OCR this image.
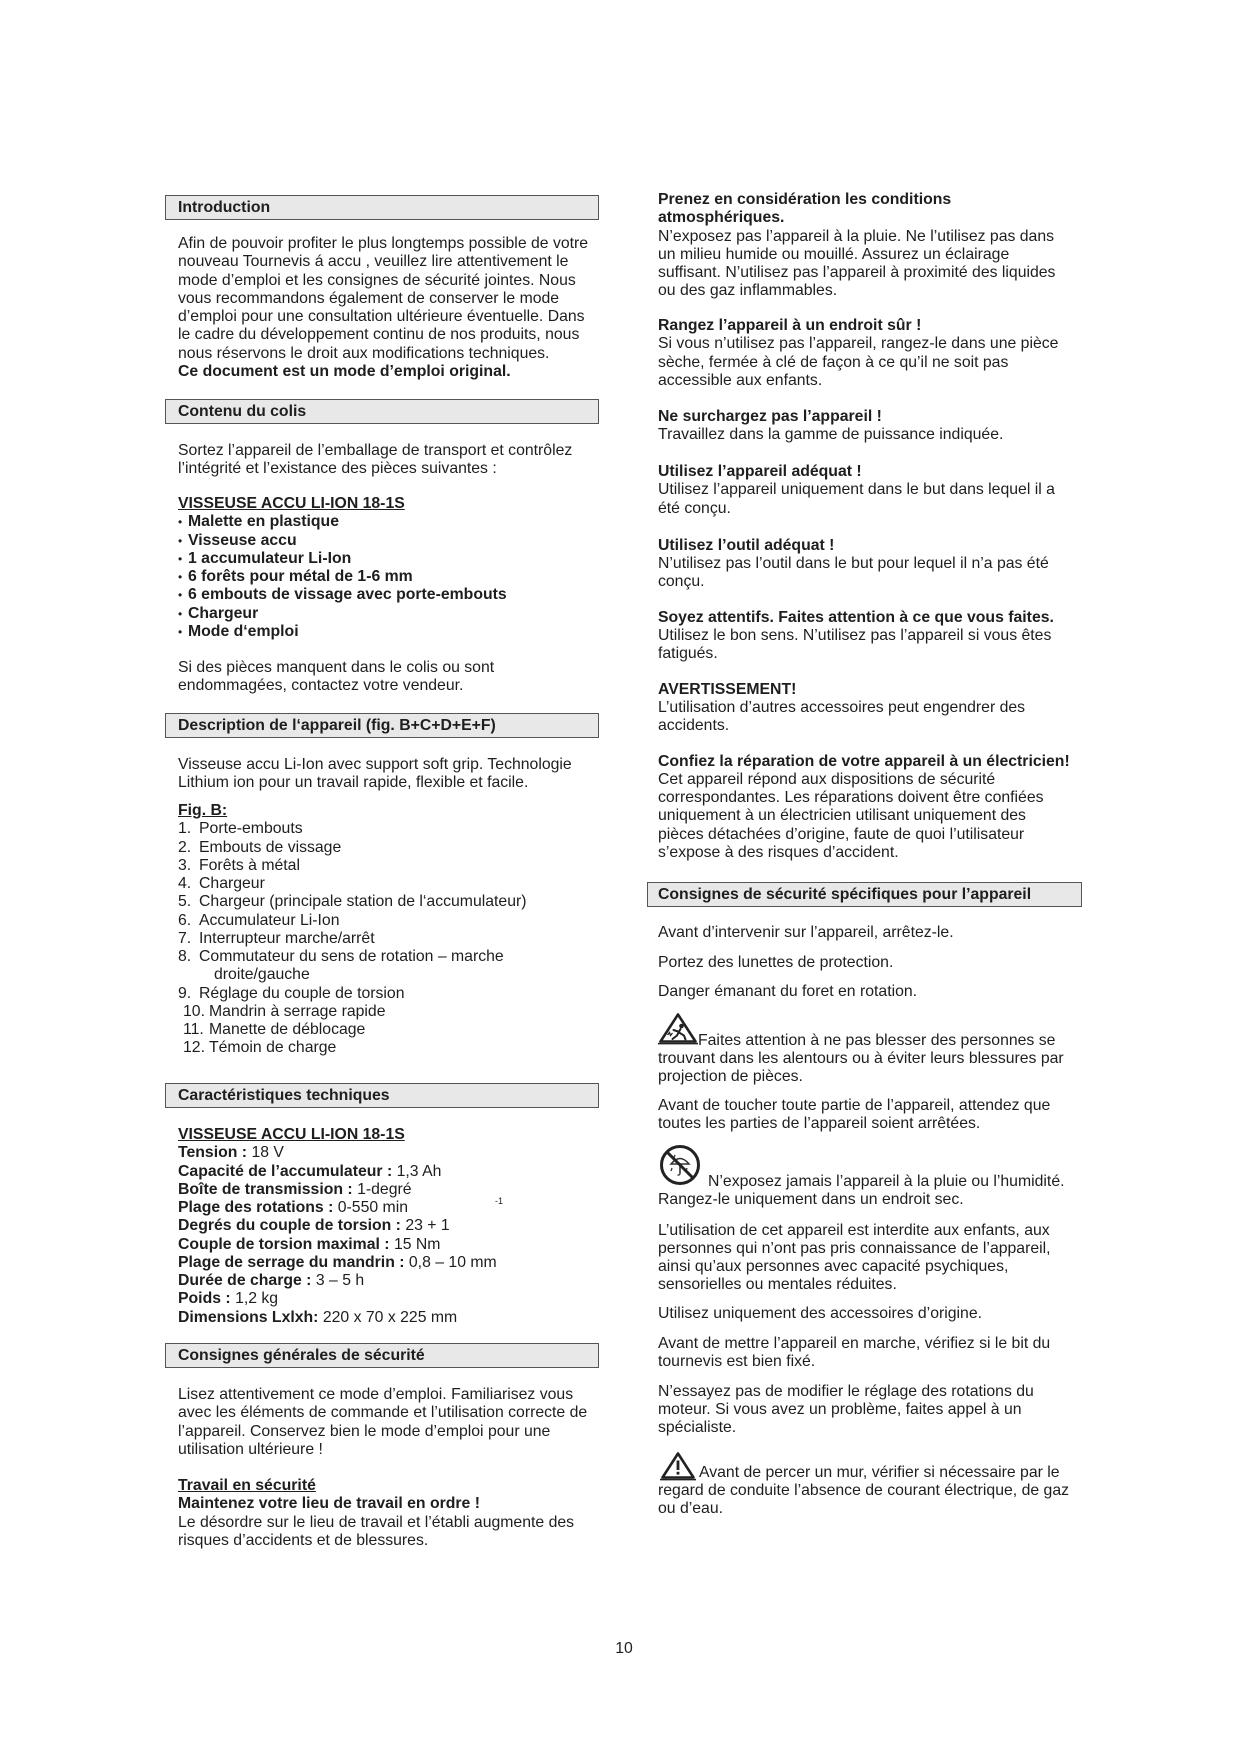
Introduction
Afin de pouvoir profiter le plus longtemps possible de votre
nouveau Tournevis á accu , veuillez lire attentivement le
mode d’emploi et les consignes de sécurité jointes. Nous
vous recommandons également de conserver le mode
d’emploi pour une consultation ultérieure éventuelle. Dans
le cadre du développement continu de nos produits, nous
nous réservons le droit aux modifications techniques.
Ce document est un mode d’emploi original.
Contenu du colis
Sortez l’appareil de l’emballage de transport et contrôlez
l’intégrité et l’existance des pièces suivantes :
VISSEUSE ACCU LI-ION 18-1S
• Malette en plastique
• Visseuse accu
• 1 accumulateur Li-Ion
• 6 forêts pour métal de 1-6 mm
• 6 embouts de vissage avec porte-embouts
• Chargeur
• Mode d‘emploi
Si des pièces manquent dans le colis ou sont
endommagées, contactez votre vendeur.
Description de l‘appareil (fig. B+C+D+E+F)
Visseuse accu Li-Ion avec support soft grip. Technologie
Lithium ion pour un travail rapide, flexible et facile.
Fig. B:
1. Porte-embouts
2. Embouts de vissage
3. Forêts à métal
4. Chargeur
5. Chargeur (principale station de l‘accumulateur)
6. Accumulateur Li-Ion
7. Interrupteur marche/arrêt
8. Commutateur du sens de rotation – marche
droite/gauche
9. Réglage du couple de torsion
10. Mandrin à serrage rapide
11. Manette de déblocage
12. Témoin de charge
Caractéristiques techniques
VISSEUSE ACCU LI-ION 18-1S
Tension : 18 V
Capacité de l’accumulateur : 1,3 Ah
Boîte de transmission : 1-degré
Plage des rotations : 0-550 min
Degrés du couple de torsion : 23 + 1
Couple de torsion maximal : 15 Nm
Plage de serrage du mandrin : 0,8 – 10 mm
Durée de charge : 3 – 5 h
Poids : 1,2 kg
Dimensions Lxlxh: 220 x 70 x 225 mm
-1
Consignes générales de sécurité
Lisez attentivement ce mode d’emploi. Familiarisez vous
avec les éléments de commande et l’utilisation correcte de
l’appareil. Conservez bien le mode d’emploi pour une
utilisation ultérieure !
Travail en sécurité
Maintenez votre lieu de travail en ordre !
Le désordre sur le lieu de travail et l’établi augmente des
risques d’accidents et de blessures.
Prenez en considération les conditions
atmosphériques.
N’exposez pas l’appareil à la pluie. Ne l’utilisez pas dans
un milieu humide ou mouillé. Assurez un éclairage
suffisant. N’utilisez pas l’appareil à proximité des liquides
ou des gaz inflammables.
Rangez l’appareil à un endroit sûr !
Si vous n’utilisez pas l’appareil, rangez-le dans une pièce
sèche, fermée à clé de façon à ce qu’il ne soit pas
accessible aux enfants.
Ne surchargez pas l’appareil !
Travaillez dans la gamme de puissance indiquée.
Utilisez l’appareil adéquat !
Utilisez l’appareil uniquement dans le but dans lequel il a
été conçu.
Utilisez l’outil adéquat !
N’utilisez pas l’outil dans le but pour lequel il n’a pas été
conçu.
Soyez attentifs. Faites attention à ce que vous faites.
Utilisez le bon sens. N’utilisez pas l’appareil si vous êtes
fatigués.
AVERTISSEMENT!
L’utilisation d’autres accessoires peut engendrer des
accidents.
Confiez la réparation de votre appareil à un électricien!
Cet appareil répond aux dispositions de sécurité
correspondantes. Les réparations doivent être confiées
uniquement à un électricien utilisant uniquement des
pièces détachées d’origine, faute de quoi l’utilisateur
s’expose à des risques d’accident.
Consignes de sécurité spécifiques pour l’appareil
Avant d’intervenir sur l’appareil, arrêtez-le.
Portez des lunettes de protection.
Danger émanant du foret en rotation.
Faites attention à ne pas blesser des personnes se
trouvant dans les alentours ou à éviter leurs blessures par
projection de pièces.
Avant de toucher toute partie de l’appareil, attendez que
toutes les parties de l’appareil soient arrêtées.
N’exposez jamais l’appareil à la pluie ou l’humidité.
Rangez-le uniquement dans un endroit sec.
L’utilisation de cet appareil est interdite aux enfants, aux
personnes qui n’ont pas pris connaissance de l’appareil,
ainsi qu’aux personnes avec capacité psychiques,
sensorielles ou mentales réduites.
Utilisez uniquement des accessoires d’origine.
Avant de mettre l’appareil en marche, vérifiez si le bit du
tournevis est bien fixé.
N’essayez pas de modifier le réglage des rotations du
moteur. Si vous avez un problème, faites appel à un
spécialiste.
Avant de percer un mur, vérifier si nécessaire par le
regard de conduite l’absence de courant électrique, de gaz
ou d’eau.
10
